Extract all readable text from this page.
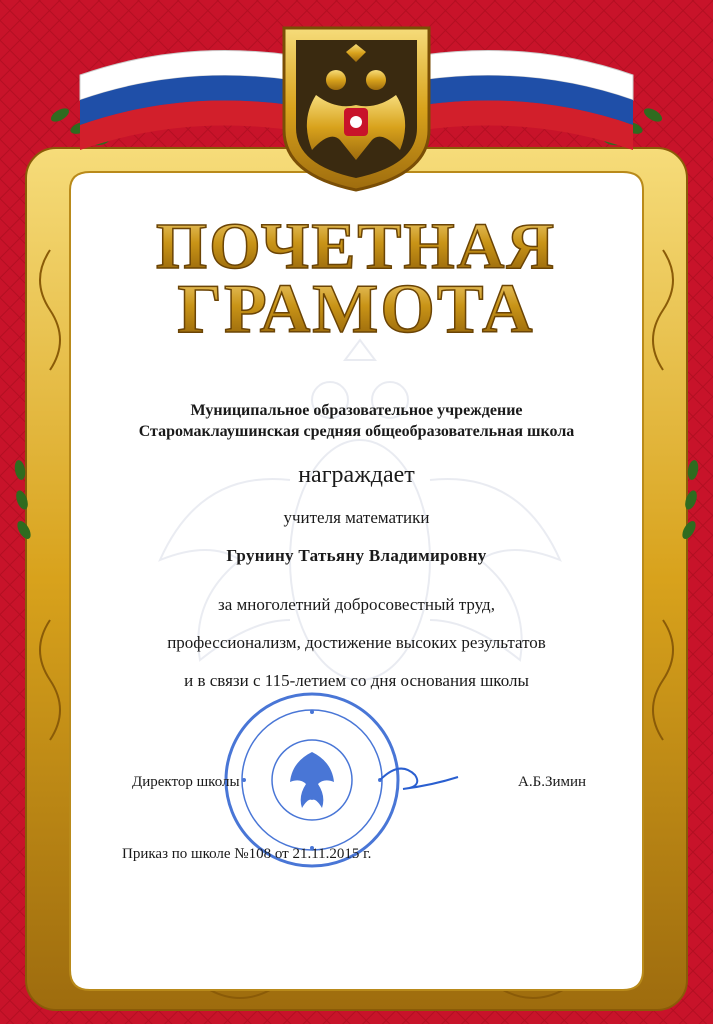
ПОЧЕТНАЯ
ГРАМОТА
Муниципальное образовательное учреждение
Старомаклаушинская средняя общеобразовательная школа
награждает
учителя математики
Грунину Татьяну Владимировну
за многолетний добросовестный труд,
профессионализм, достижение высоких результатов
и в связи с 115-летием со дня основания школы
Директор школы	А.Б.Зимин
Приказ по школе №108 от 21.11.2015 г.
